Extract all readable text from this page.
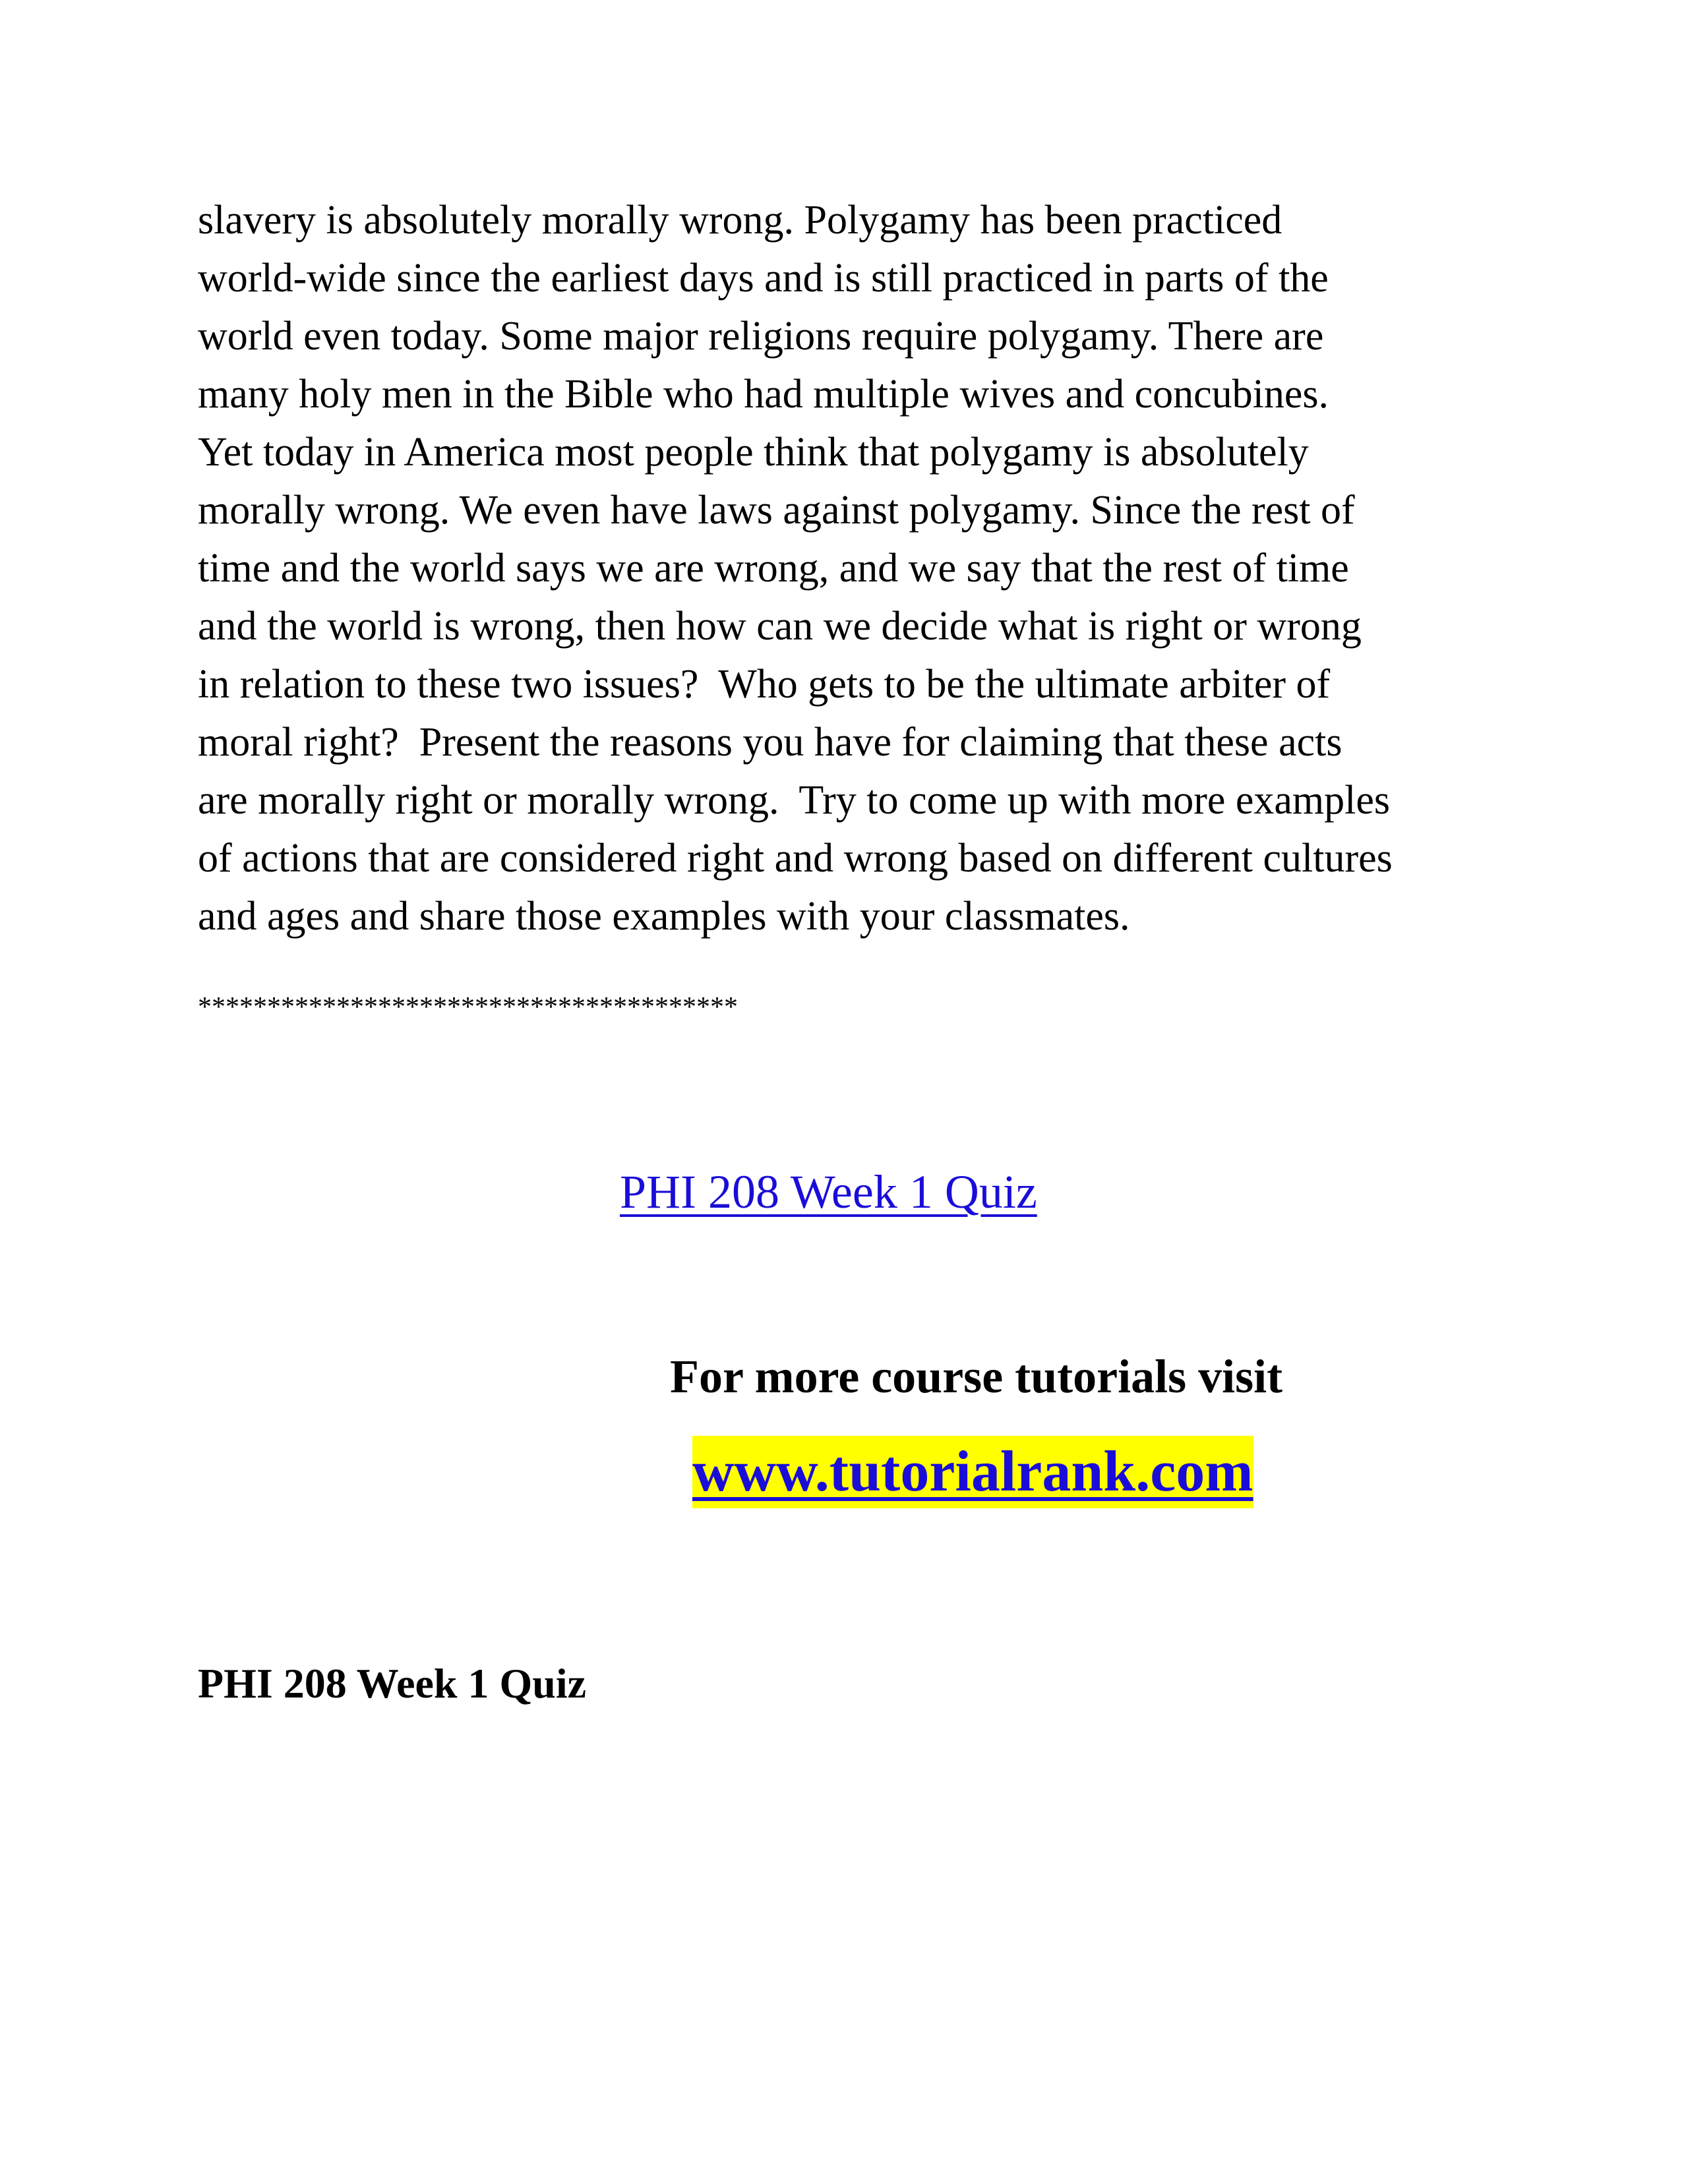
slavery is absolutely morally wrong. Polygamy has been practiced
world-wide since the earliest days and is still practiced in parts of the
world even today. Some major religions require polygamy. There are
many holy men in the Bible who had multiple wives and concubines.
Yet today in America most people think that polygamy is absolutely
morally wrong. We even have laws against polygamy. Since the rest of
time and the world says we are wrong, and we say that the rest of time
and the world is wrong, then how can we decide what is right or wrong
in relation to these two issues?  Who gets to be the ultimate arbiter of
moral right?  Present the reasons you have for claiming that these acts
are morally right or morally wrong.  Try to come up with more examples
of actions that are considered right and wrong based on different cultures
and ages and share those examples with your classmates.
***************************************
PHI 208 Week 1 Quiz
For more course tutorials visit
www.tutorialrank.com
PHI 208 Week 1 Quiz
